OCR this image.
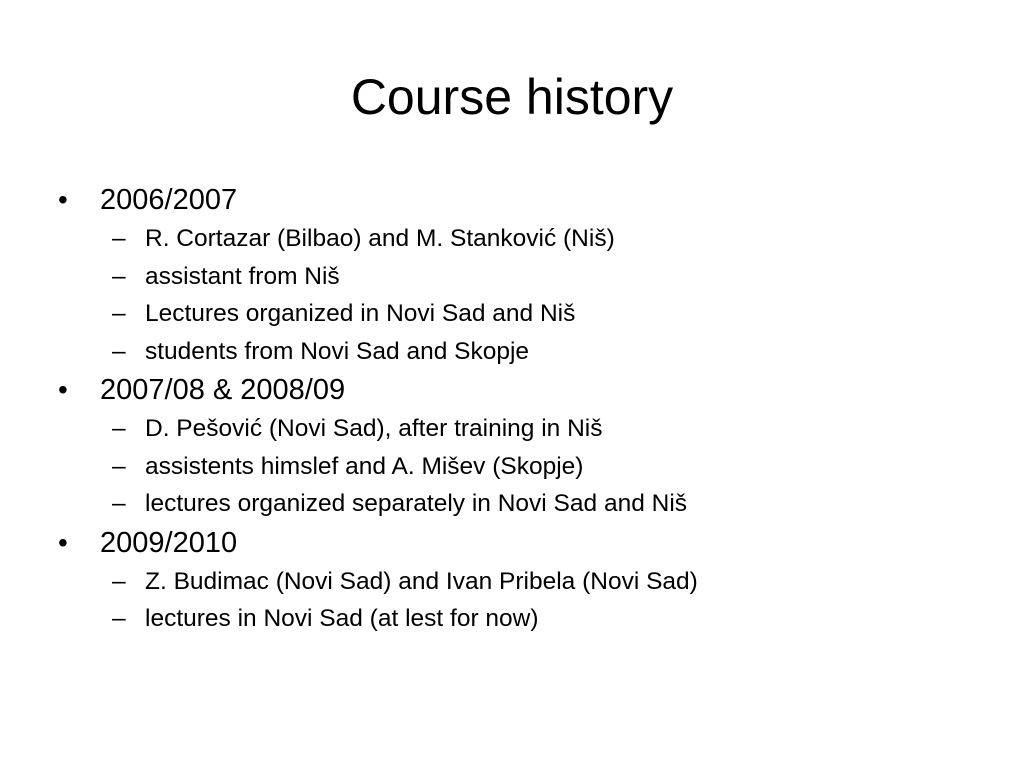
Course history
• 2006/2007
– R. Cortazar (Bilbao) and M. Stanković (Niš)
– assistant from Niš
– Lectures organized in Novi Sad and Niš
– students from Novi Sad and Skopje
• 2007/08 & 2008/09
– D. Pešović (Novi Sad), after training in Niš
– assistents himslef and A. Mišev (Skopje)
– lectures organized separately in Novi Sad and Niš
• 2009/2010
– Z. Budimac (Novi Sad) and Ivan Pribela (Novi Sad)
– lectures in Novi Sad (at lest for now)
